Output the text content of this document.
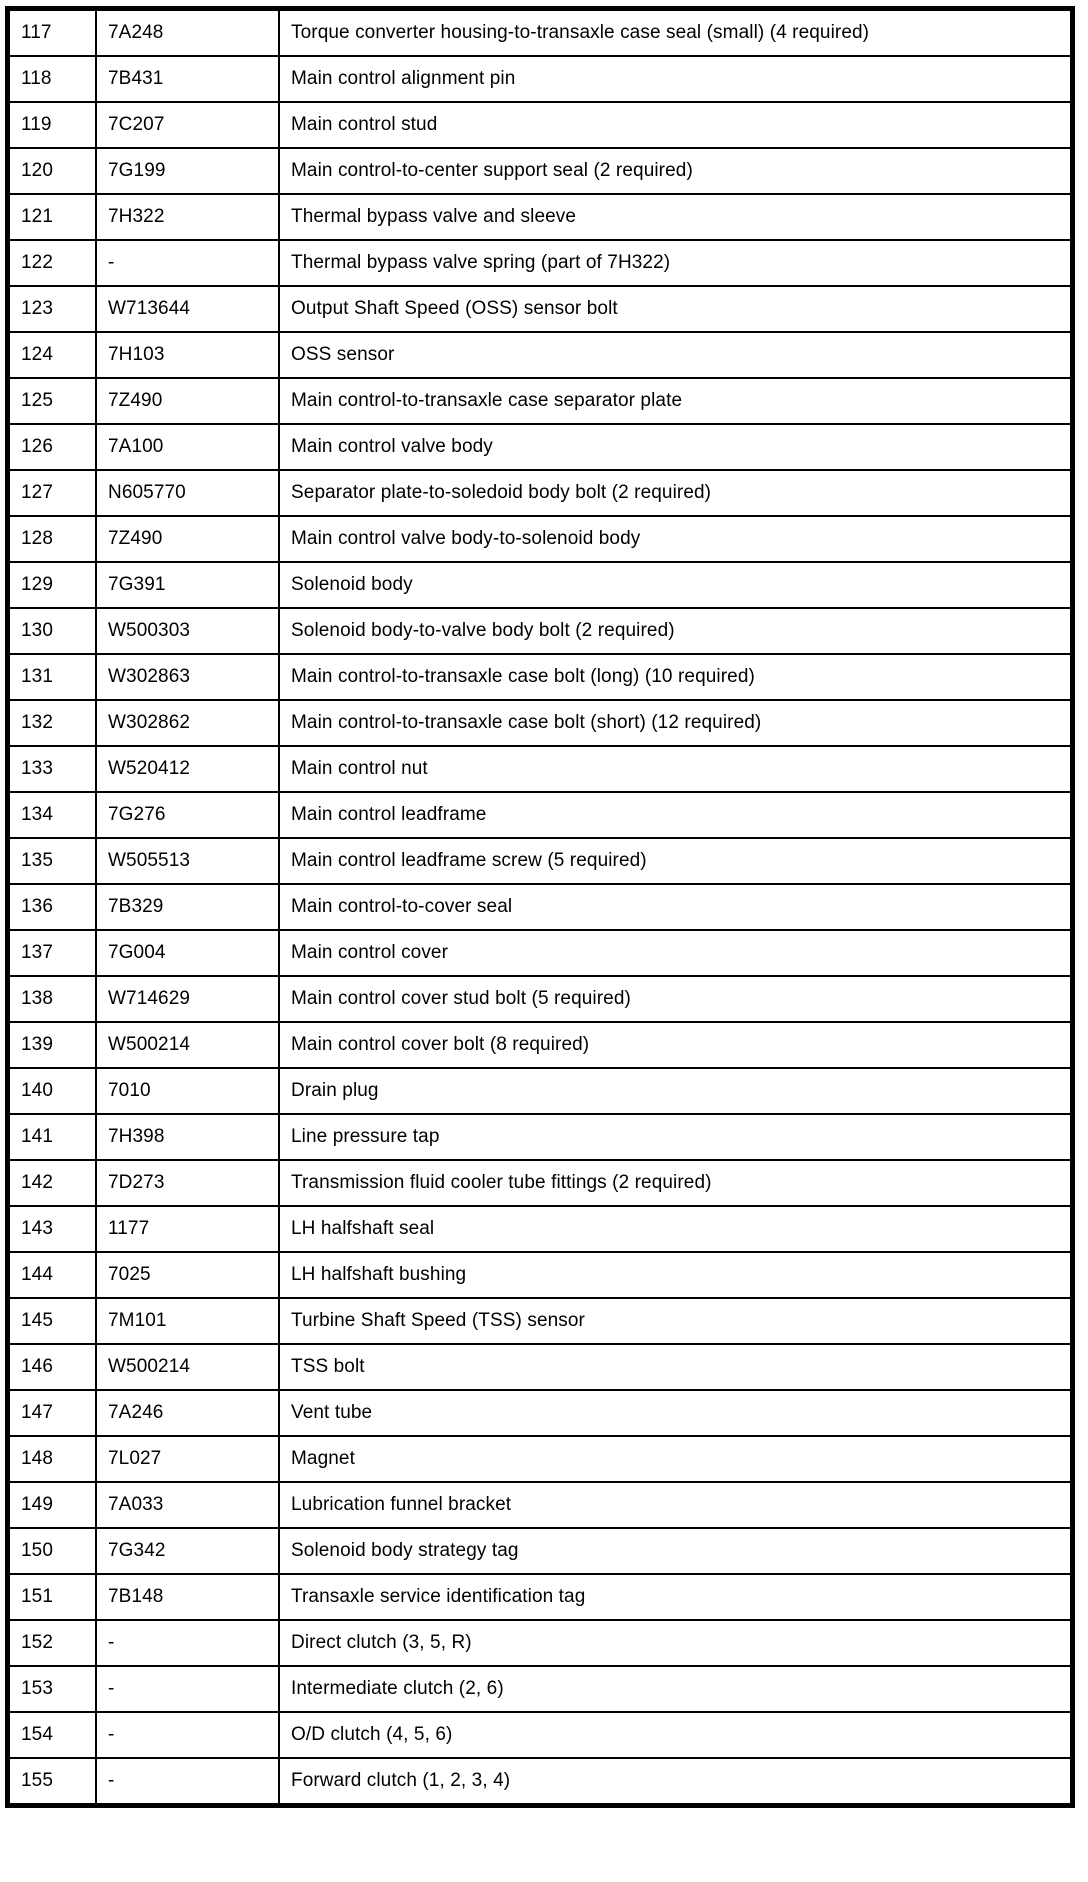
117	7A248	Torque converter housing-to-transaxle case seal (small) (4 required)
118	7B431	Main control alignment pin
119	7C207	Main control stud
120	7G199	Main control-to-center support seal (2 required)
121	7H322	Thermal bypass valve and sleeve
122	-	Thermal bypass valve spring (part of 7H322)
123	W713644	Output Shaft Speed (OSS) sensor bolt
124	7H103	OSS sensor
125	7Z490	Main control-to-transaxle case separator plate
126	7A100	Main control valve body
127	N605770	Separator plate-to-soledoid body bolt (2 required)
128	7Z490	Main control valve body-to-solenoid body
129	7G391	Solenoid body
130	W500303	Solenoid body-to-valve body bolt (2 required)
131	W302863	Main control-to-transaxle case bolt (long) (10 required)
132	W302862	Main control-to-transaxle case bolt (short) (12 required)
133	W520412	Main control nut
134	7G276	Main control leadframe
135	W505513	Main control leadframe screw (5 required)
136	7B329	Main control-to-cover seal
137	7G004	Main control cover
138	W714629	Main control cover stud bolt (5 required)
139	W500214	Main control cover bolt (8 required)
140	7010	Drain plug
141	7H398	Line pressure tap
142	7D273	Transmission fluid cooler tube fittings (2 required)
143	1177	LH halfshaft seal
144	7025	LH halfshaft bushing
145	7M101	Turbine Shaft Speed (TSS) sensor
146	W500214	TSS bolt
147	7A246	Vent tube
148	7L027	Magnet
149	7A033	Lubrication funnel bracket
150	7G342	Solenoid body strategy tag
151	7B148	Transaxle service identification tag
152	-	Direct clutch (3, 5, R)
153	-	Intermediate clutch (2, 6)
154	-	O/D clutch (4, 5, 6)
155	-	Forward clutch (1, 2, 3, 4)
